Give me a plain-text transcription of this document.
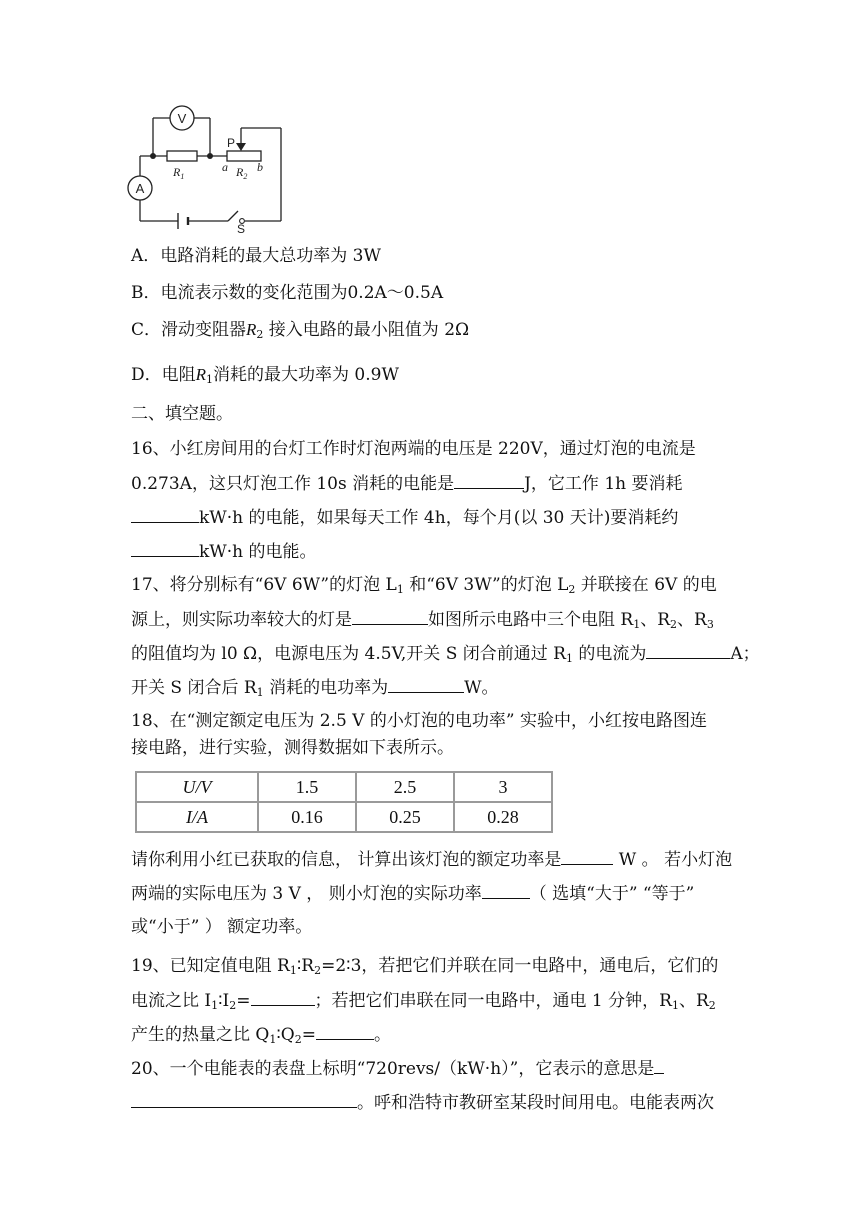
V
A
P
$R_1$
a $R_2$
b
S
A．电路消耗的最大总功率为 3W
B．电流表示数的变化范围为0.2A～0.5A
C．滑动变阻器$R_2$ 接入电路的最小阻值为 2Ω
D．电阻$R_1$消耗的最大功率为 0.9W
二、填空题。
16、小红房间用的台灯工作时灯泡两端的电压是 220V，通过灯泡的电流是
0.273A，这只灯泡工作 10s 消耗的电能是	J，它工作 1h 要消耗
kW·h 的电能，如果每天工作 4h，每个月(以 30 天计)要消耗约
kW·h 的电能。
17、将分别标有“6V 6W”的灯泡 $L_1$ 和“6V 3W”的灯泡 $L_2$ 并联接在 6V 的电
源上，则实际功率较大的灯是	如图所示电路中三个电阻 $R_1$、$R_2$、$R_3$
的阻值均为 l0 Ω，电源电压为 4.5V,开关 S 闭合前通过 $R_1$ 的电流为	A；
开关 S 闭合后 $R_1$ 消耗的电功率为	W。
18、在“测定额定电压为 2.5 V 的小灯泡的电功率” 实验中，小红按电路图连
接电路，进行实验，测得数据如下表所示。
U/V	1.5	2.5	3
I/A	0.16	0.25	0.28
请你利用小红已获取的信息， 计算出该灯泡的额定功率是	W 。 若小灯泡
两端的实际电压为 3 V ， 则小灯泡的实际功率	（ 选填“大于” “等于”
或“小于” ） 额定功率。
19、已知定值电阻 $R_1∶R_2=2∶3$，若把它们并联在同一电路中，通电后，它们的
电流之比 $I_1∶I_2=$	；若把它们串联在同一电路中，通电 1 分钟，$R_1$、$R_2$
产生的热量之比 $Q_1∶Q_2=$	。
20、一个电能表的表盘上标明“720revs/（kW·h）”，它表示的意思是
。呼和浩特市教研室某段时间用电。电能表两次
